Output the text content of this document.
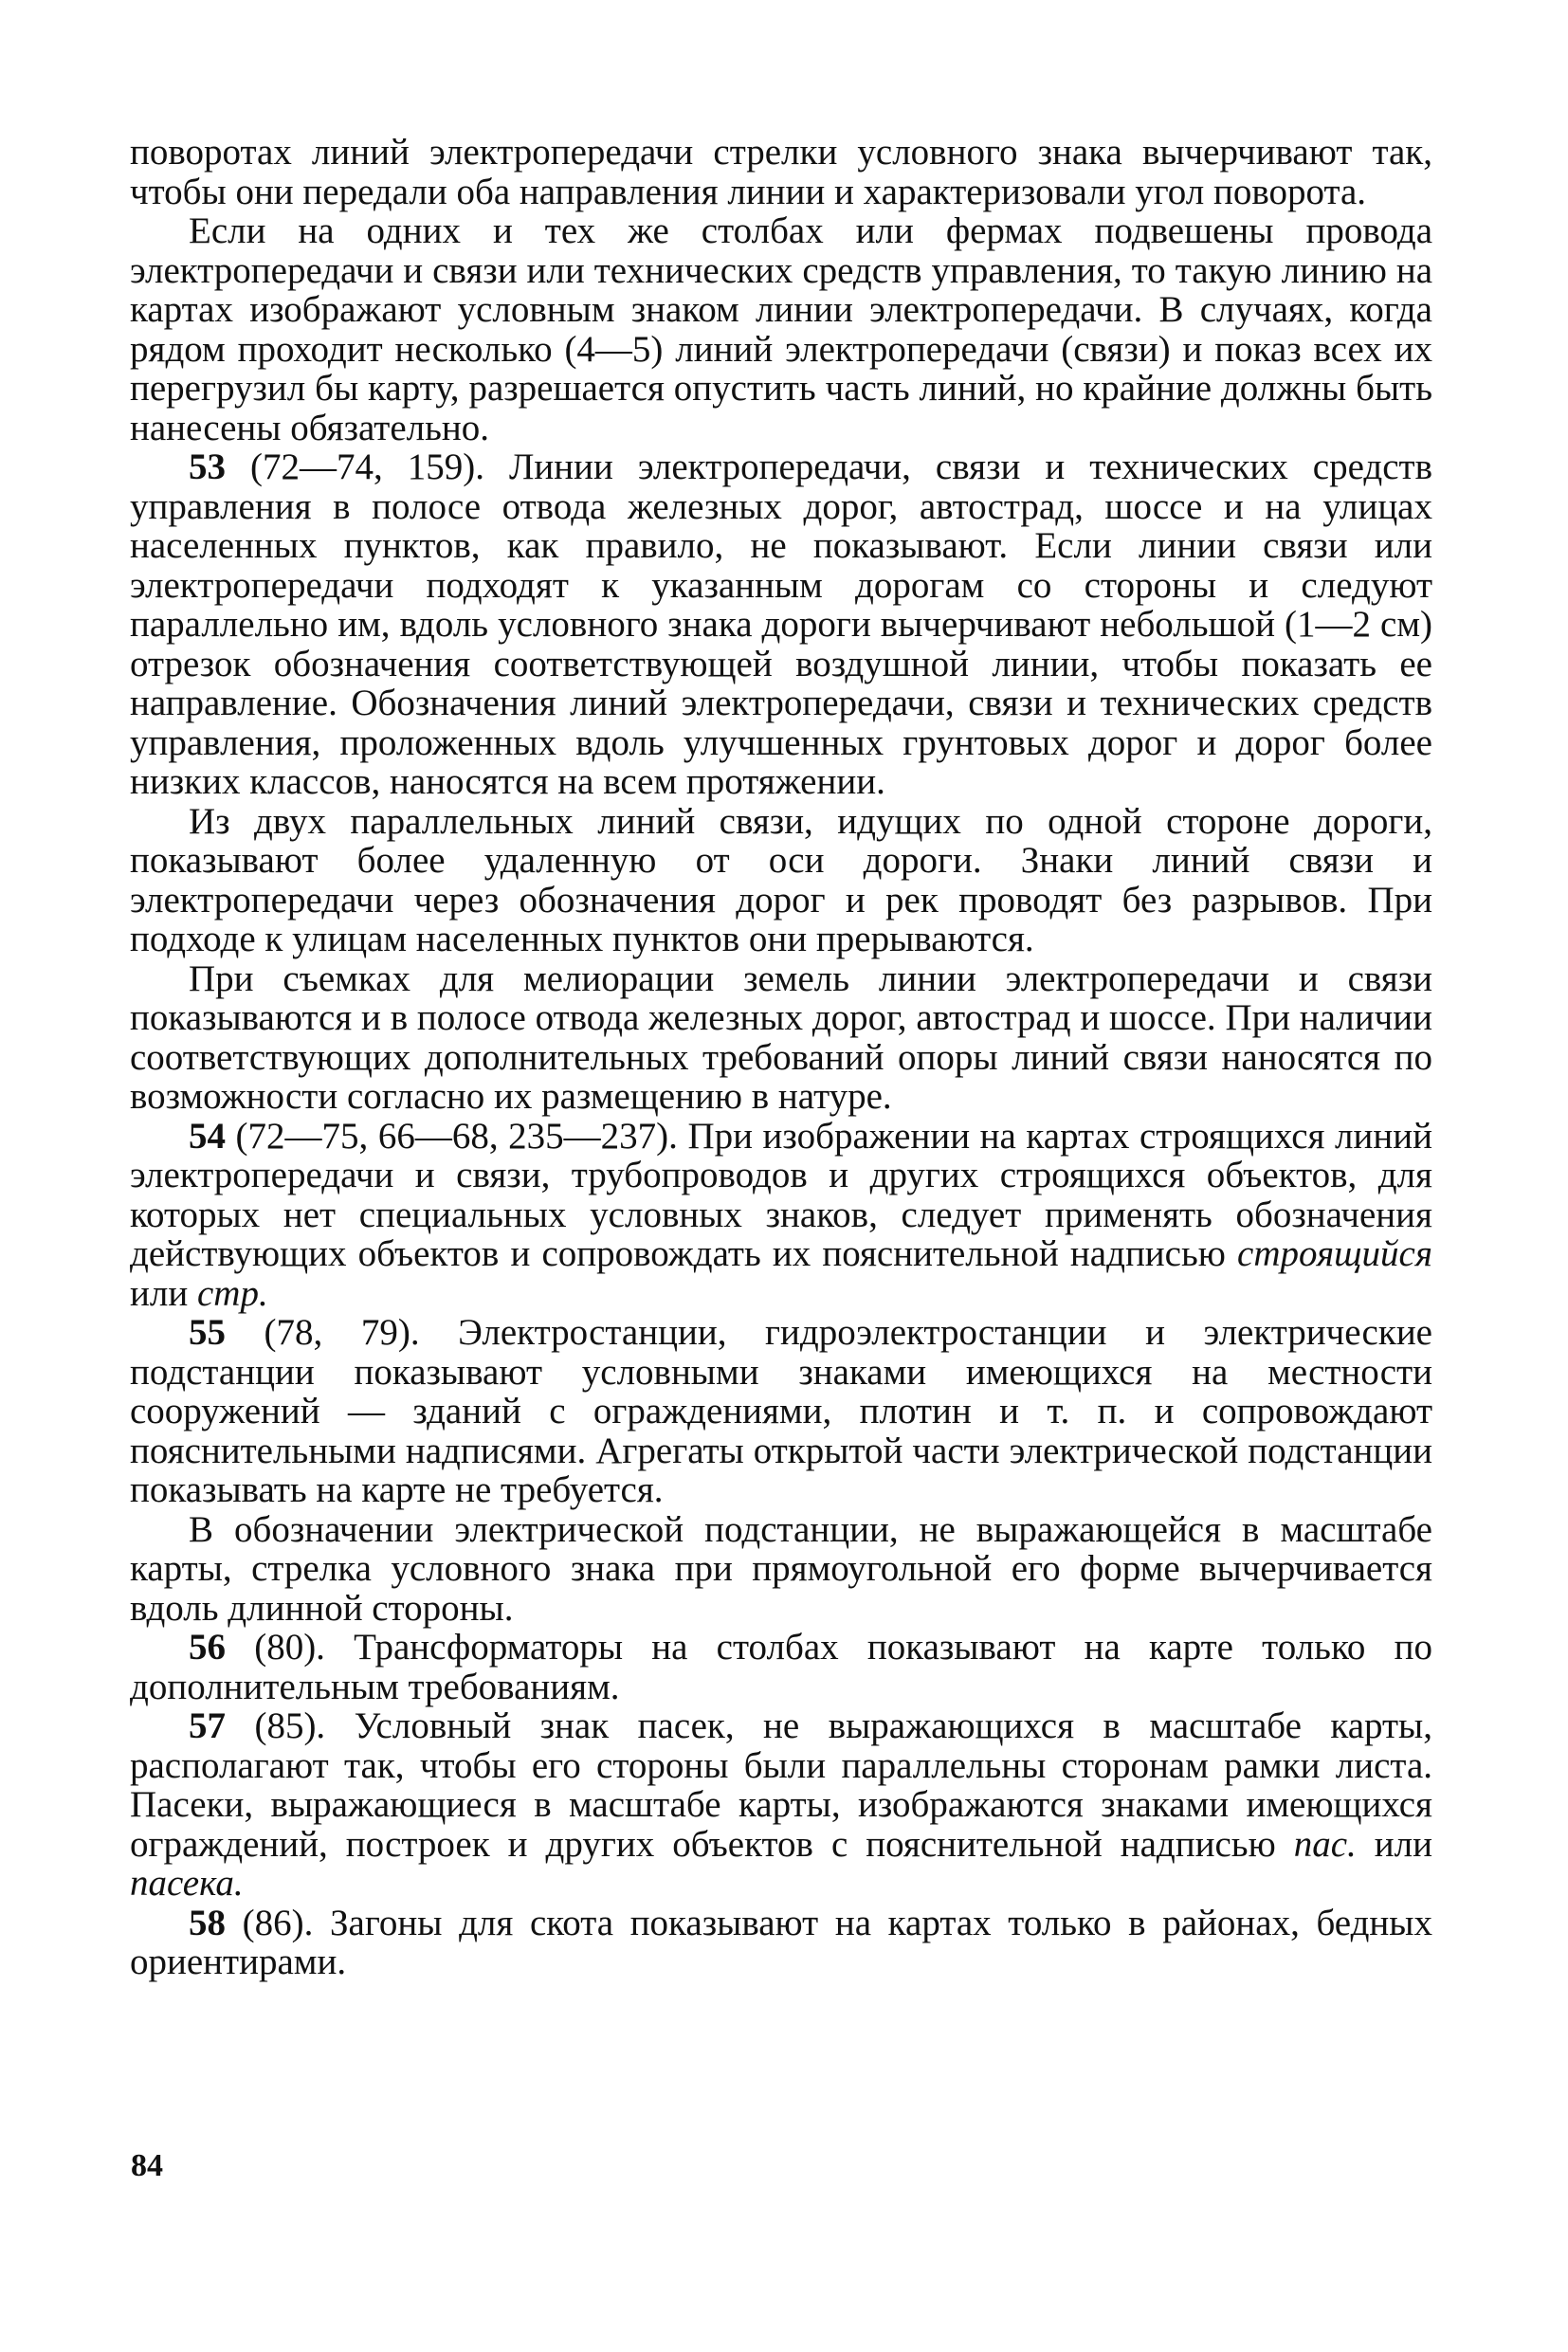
поворотах линий электропередачи стрелки условного знака вычерчивают так, чтобы они передали оба направления линии и характеризовали угол поворота.

Если на одних и тех же столбах или фермах подвешены провода электропередачи и связи или технических средств управления, то такую линию на картах изображают условным знаком линии электропередачи. В случаях, когда рядом проходит несколько (4—5) линий электропередачи (связи) и показ всех их перегрузил бы карту, разрешается опустить часть линий, но крайние должны быть нанесены обязательно.

53 (72—74, 159). Линии электропередачи, связи и технических средств управления в полосе отвода железных дорог, автострад, шоссе и на улицах населенных пунктов, как правило, не показывают. Если линии связи или электропередачи подходят к указанным дорогам со стороны и следуют параллельно им, вдоль условного знака дороги вычерчивают небольшой (1—2 см) отрезок обозначения соответствующей воздушной линии, чтобы показать ее направление. Обозначения линий электропередачи, связи и технических средств управления, проложенных вдоль улучшенных грунтовых дорог и дорог более низких классов, наносятся на всем протяжении.

Из двух параллельных линий связи, идущих по одной стороне дороги, показывают более удаленную от оси дороги. Знаки линий связи и электропередачи через обозначения дорог и рек проводят без разрывов. При подходе к улицам населенных пунктов они прерываются.

При съемках для мелиорации земель линии электропередачи и связи показываются и в полосе отвода железных дорог, автострад и шоссе. При наличии соответствующих дополнительных требований опоры линий связи наносятся по возможности согласно их размещению в натуре.

54 (72—75, 66—68, 235—237). При изображении на картах строящихся линий электропередачи и связи, трубопроводов и других строящихся объектов, для которых нет специальных условных знаков, следует применять обозначения действующих объектов и сопровождать их пояснительной надписью строящийся или стр.

55 (78, 79). Электростанции, гидроэлектростанции и электрические подстанции показывают условными знаками имеющихся на местности сооружений — зданий с ограждениями, плотин и т. п. и сопровождают пояснительными надписями. Агрегаты открытой части электрической подстанции показывать на карте не требуется.

В обозначении электрической подстанции, не выражающейся в масштабе карты, стрелка условного знака при прямоугольной его форме вычерчивается вдоль длинной стороны.

56 (80). Трансформаторы на столбах показывают на карте только по дополнительным требованиям.

57 (85). Условный знак пасек, не выражающихся в масштабе карты, располагают так, чтобы его стороны были параллельны сторонам рамки листа. Пасеки, выражающиеся в масштабе карты, изображаются знаками имеющихся ограждений, построек и других объектов с пояснительной надписью пас. или пасека.

58 (86). Загоны для скота показывают на картах только в районах, бедных ориентирами.

84
